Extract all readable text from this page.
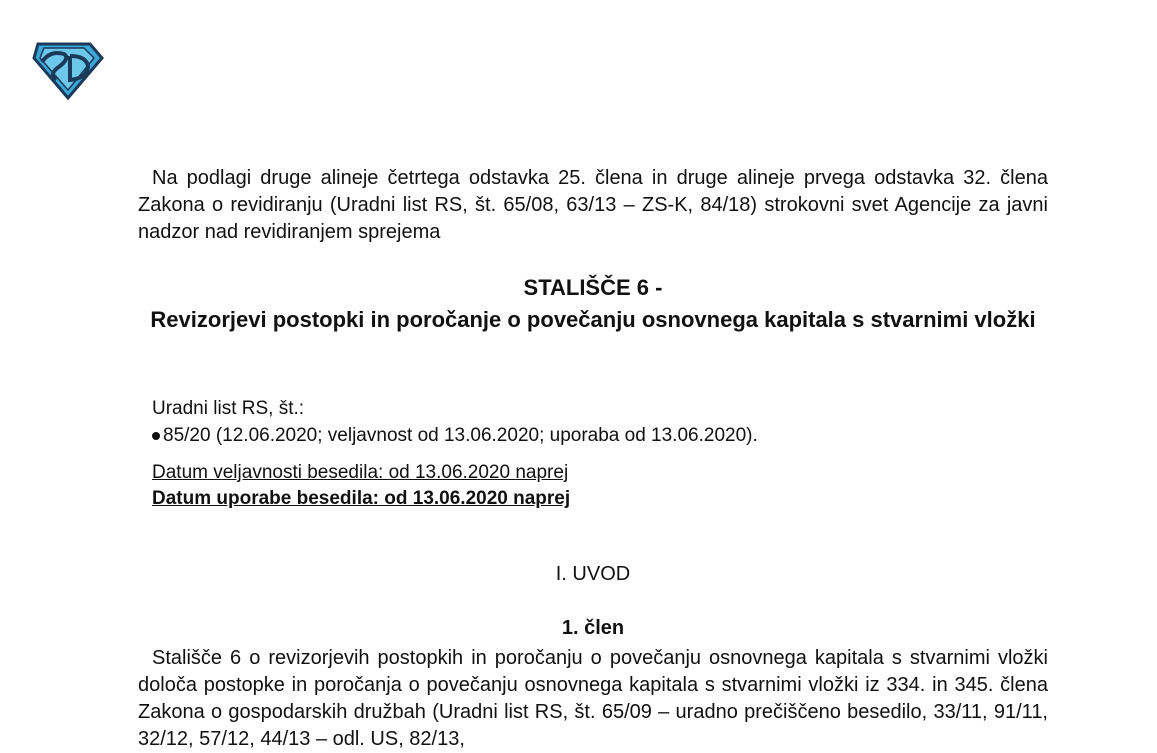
Na podlagi druge alineje četrtega odstavka 25. člena in druge alineje prvega odstavka 32. člena Zakona o revidiranju (Uradni list RS, št. 65/08, 63/13 – ZS-K, 84/18) strokovni svet Agencije za javni nadzor nad revidiranjem sprejema

STALIŠČE 6 -
Revizorjevi postopki in poročanje o povečanju osnovnega kapitala s stvarnimi vložki
Uradni list RS, št.:
85/20 (12.06.2020; veljavnost od 13.06.2020; uporaba od 13.06.2020).
Datum veljavnosti besedila: od 13.06.2020 naprej
Datum uporabe besedila: od 13.06.2020 naprej
I. UVOD
1. člen

Stališče 6 o revizorjevih postopkih in poročanju o povečanju osnovnega kapitala s stvarnimi vložki določa postopke in poročanja o povečanju osnovnega kapitala s stvarnimi vložki iz 334. in 345. člena Zakona o gospodarskih družbah (Uradni list RS, št. 65/09 – uradno prečiščeno besedilo, 33/11, 91/11, 32/12, 57/12, 44/13 – odl. US, 82/13,
